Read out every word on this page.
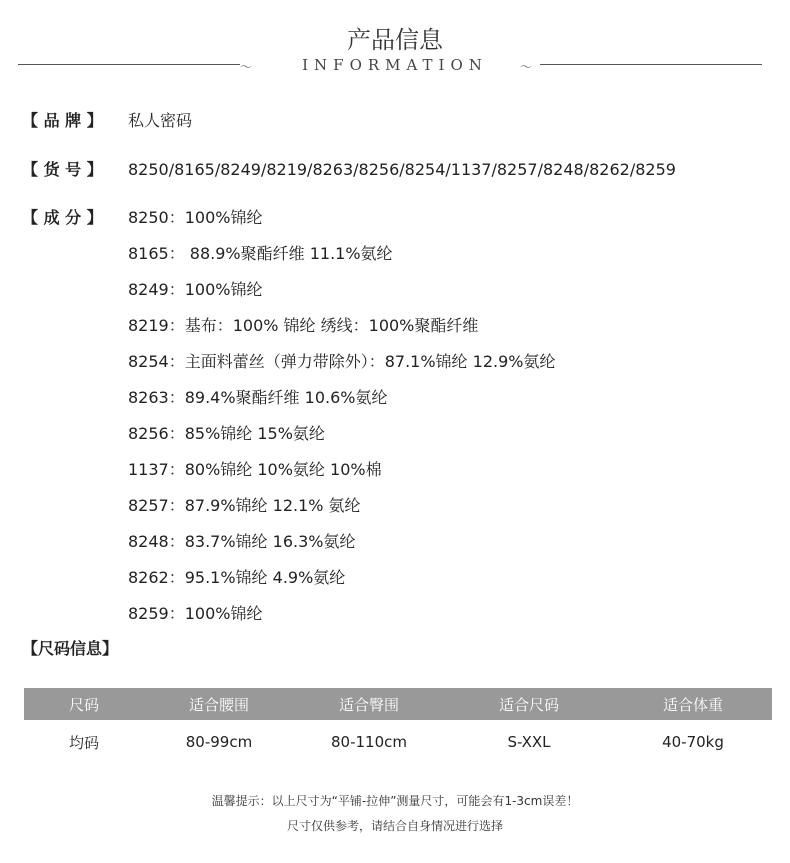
产品信息
〜	INFORMATION	〜
【 品 牌 】 私人密码
【 货 号 】 8250/8165/8249/8219/8263/8256/8254/1137/8257/8248/8262/8259
【 成 分 】	8250：100%锦纶
8165： 88.9%聚酯纤维 11.1%氨纶
8249：100%锦纶
8219：基布：100% 锦纶 绣线：100%聚酯纤维
8254：主面料蕾丝（弹力带除外）：87.1%锦纶 12.9%氨纶
8263：89.4%聚酯纤维 10.6%氨纶
8256：85%锦纶 15%氨纶
1137：80%锦纶 10%氨纶 10%棉
8257：87.9%锦纶 12.1% 氨纶
8248：83.7%锦纶 16.3%氨纶
8262：95.1%锦纶 4.9%氨纶
8259：100%锦纶
【尺码信息】
尺码	适合腰围	适合臀围	适合尺码	适合体重
均码	80-99cm	80-110cm	S-XXL	40-70kg
温馨提示：以上尺寸为“平铺-拉伸”测量尺寸，可能会有1-3cm误差！
尺寸仅供参考，请结合自身情况进行选择
